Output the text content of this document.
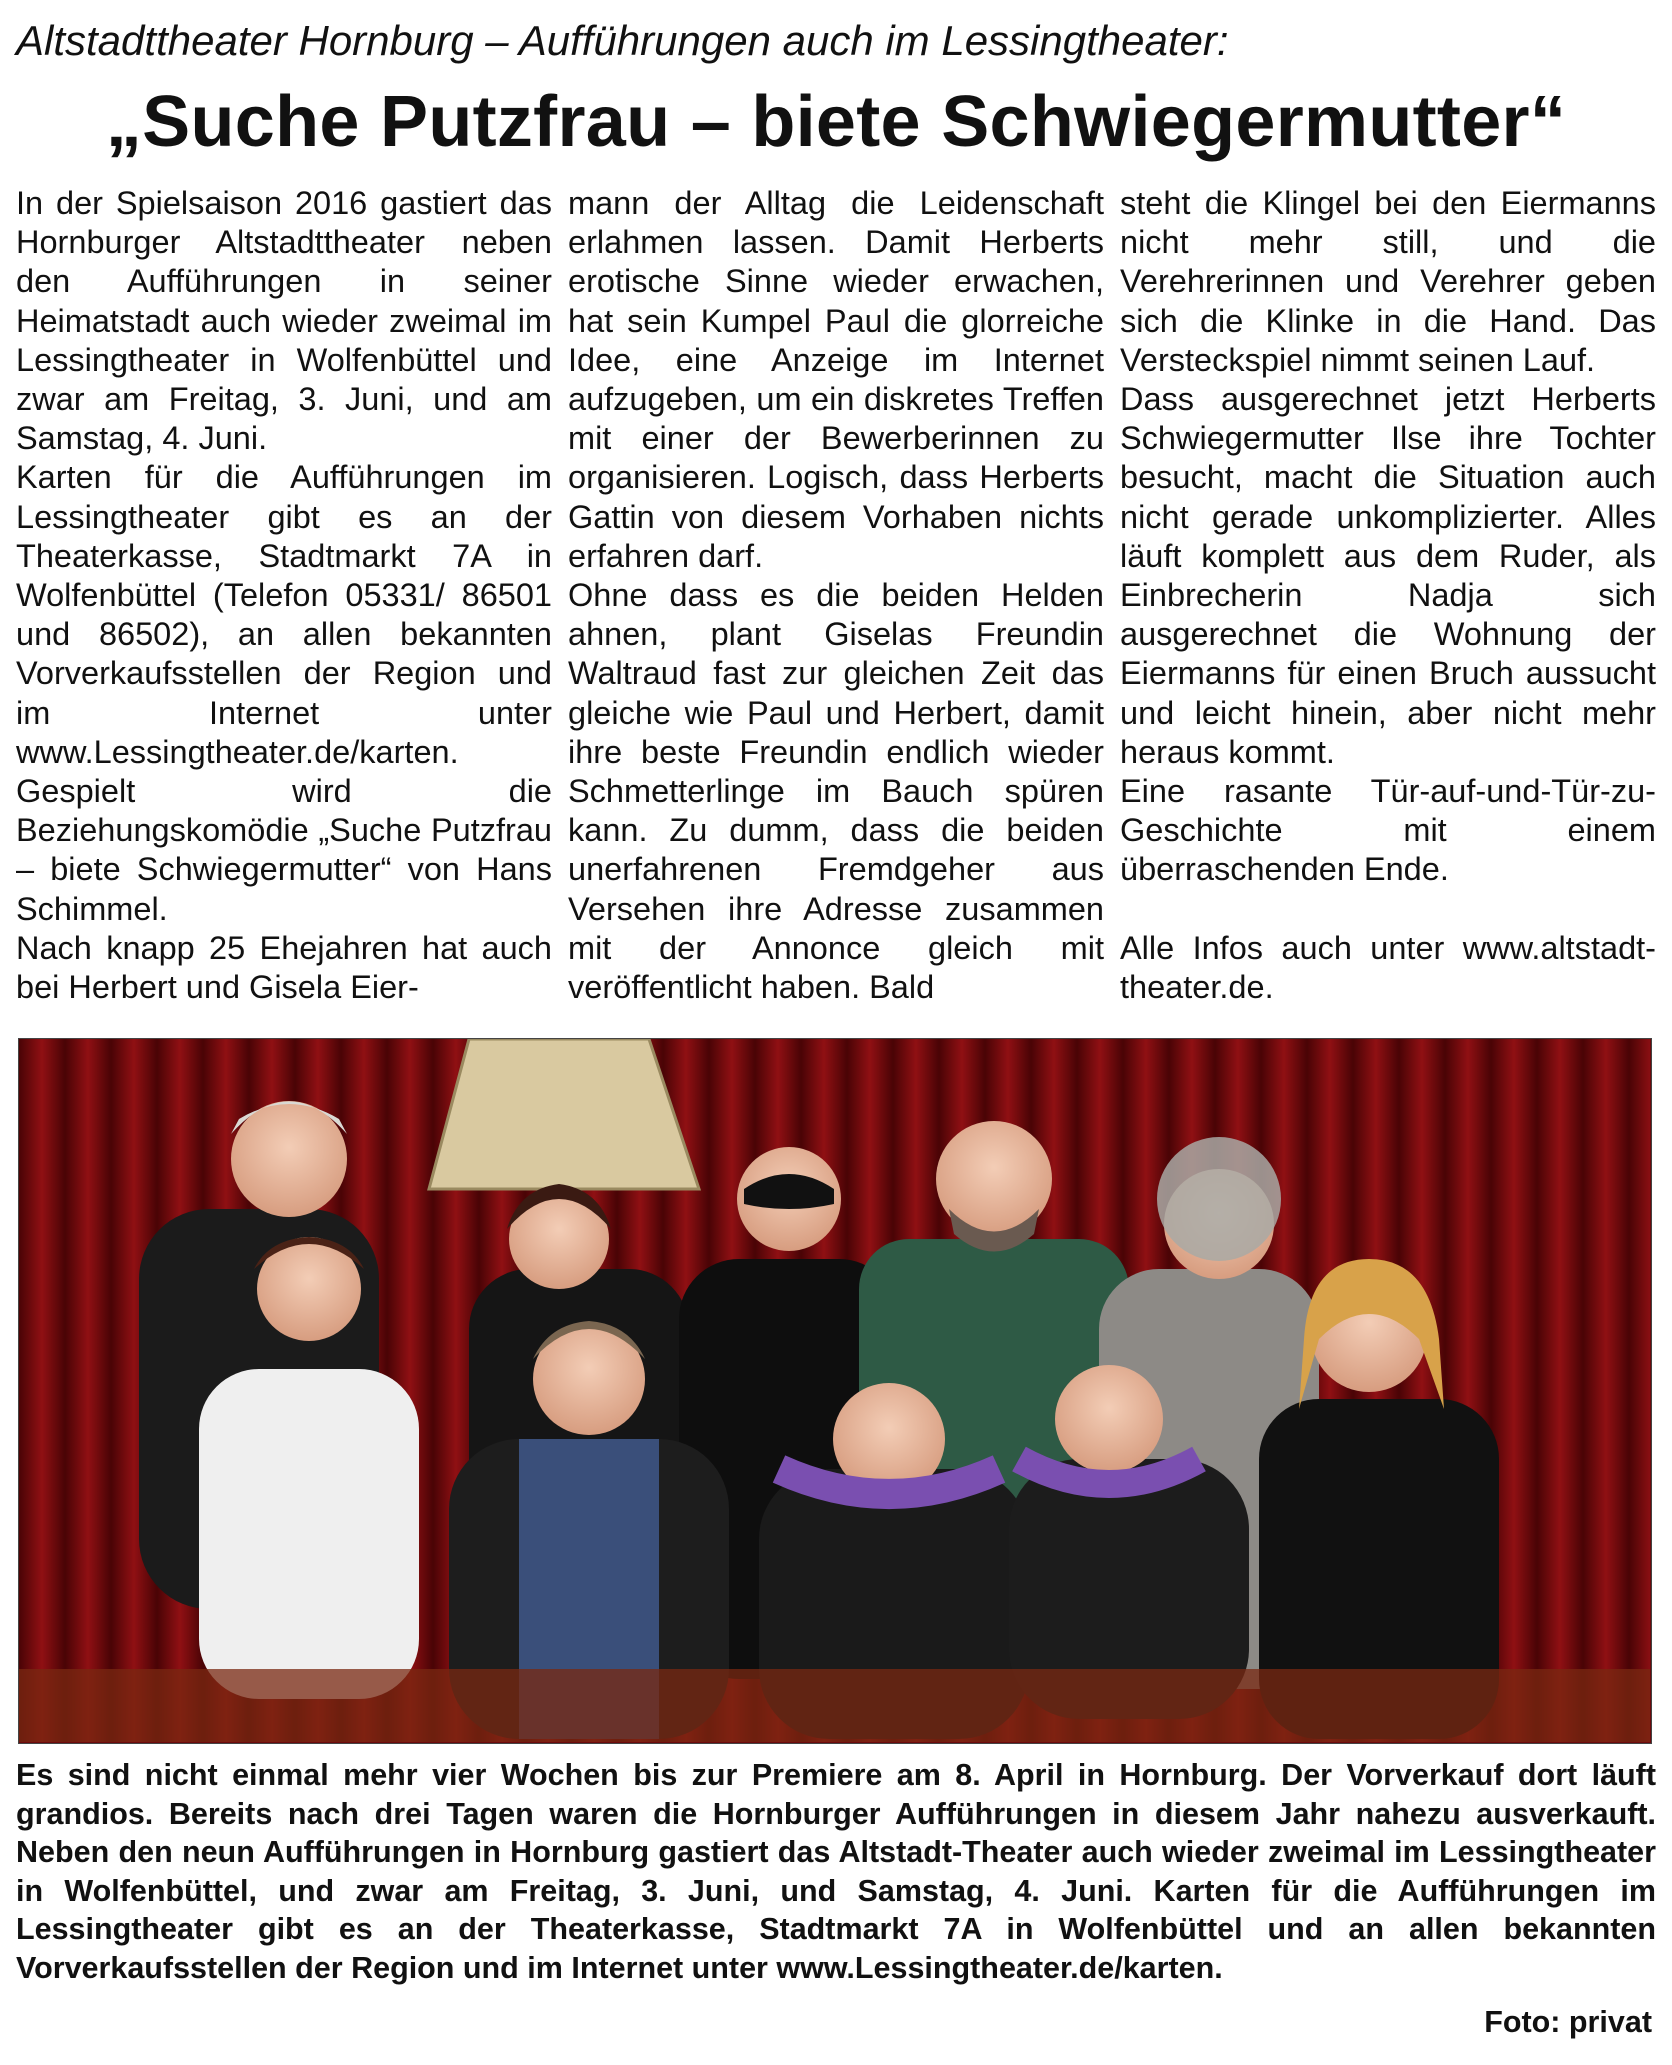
Altstadttheater Hornburg – Aufführungen auch im Lessingtheater:
„Suche Putzfrau – biete Schwiegermutter“

In der Spielsaison 2016 gastiert das Hornburger Altstadttheater neben den Aufführungen in seiner Heimatstadt auch wieder zweimal im Lessingtheater in Wolfenbüttel und zwar am Freitag, 3. Juni, und am Samstag, 4. Juni.

Karten für die Aufführungen im Lessingtheater gibt es an der Theaterkasse, Stadtmarkt 7A in Wolfenbüttel (Telefon 05331/ 86501 und 86502), an allen bekannten Vorverkaufsstellen der Region und im Internet unter www.Lessingtheater.de/karten.

Gespielt wird die Beziehungskomödie „Suche Putzfrau – biete Schwiegermutter“ von Hans Schimmel.

Nach knapp 25 Ehejahren hat auch bei Herbert und Gisela Eier-

mann der Alltag die Leidenschaft erlahmen lassen. Damit Herberts erotische Sinne wieder erwachen, hat sein Kumpel Paul die glorreiche Idee, eine Anzeige im Internet aufzugeben, um ein diskretes Treffen mit einer der Bewerberinnen zu organisieren. Logisch, dass Herberts Gattin von diesem Vorhaben nichts erfahren darf.

Ohne dass es die beiden Helden ahnen, plant Giselas Freundin Waltraud fast zur gleichen Zeit das gleiche wie Paul und Herbert, damit ihre beste Freundin endlich wieder Schmetterlinge im Bauch spüren kann. Zu dumm, dass die beiden unerfahrenen Fremdgeher aus Versehen ihre Adresse zusammen mit der Annonce gleich mit veröffentlicht haben. Bald

steht die Klingel bei den Eiermanns nicht mehr still, und die Verehrerinnen und Verehrer geben sich die Klinke in die Hand. Das Versteckspiel nimmt seinen Lauf.

Dass ausgerechnet jetzt Herberts Schwiegermutter Ilse ihre Tochter besucht, macht die Situation auch nicht gerade unkomplizierter. Alles läuft komplett aus dem Ruder, als Einbrecherin Nadja sich ausgerechnet die Wohnung der Eiermanns für einen Bruch aussucht und leicht hinein, aber nicht mehr heraus kommt.

Eine rasante Tür-auf-und-Tür-zu-Geschichte mit einem überraschenden Ende.

Alle Infos auch unter www.altstadt-theater.de.

Es sind nicht einmal mehr vier Wochen bis zur Premiere am 8. April in Hornburg. Der Vorverkauf dort läuft grandios. Bereits nach drei Tagen waren die Hornburger Aufführungen in diesem Jahr nahezu ausverkauft. Neben den neun Aufführungen in Hornburg gastiert das Altstadt-Theater auch wieder zweimal im Lessingtheater in Wolfenbüttel, und zwar am Freitag, 3. Juni, und Samstag, 4. Juni. Karten für die Aufführungen im Lessingtheater gibt es an der Theaterkasse, Stadtmarkt 7A in Wolfenbüttel und an allen bekannten Vorverkaufsstellen der Region und im Internet unter www.Lessingtheater.de/karten.

Foto: privat
